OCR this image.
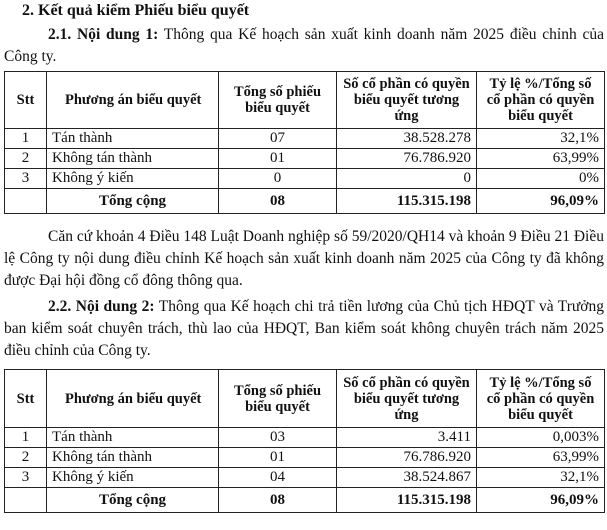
2. Kết quả kiểm Phiếu biểu quyết
2.1. Nội dung 1: Thông qua Kế hoạch sản xuất kinh doanh năm 2025 điều chỉnh của Công ty.
Stt	Phương án biểu quyết	Tổng số phiếu biểu quyết	Số cổ phần có quyền biểu quyết tương ứng	Tỷ lệ %/Tổng số cổ phần có quyền biểu quyết
1	Tán thành	07	38.528.278	32,1%
2	Không tán thành	01	76.786.920	63,99%
3	Không ý kiến	0	0	0%
	Tổng cộng	08	115.315.198	96,09%
Căn cứ khoản 4 Điều 148 Luật Doanh nghiệp số 59/2020/QH14 và khoản 9 Điều 21 Điều lệ Công ty nội dung điều chỉnh Kế hoạch sản xuất kinh doanh năm 2025 của Công ty đã không được Đại hội đồng cổ đông thông qua.
2.2. Nội dung 2: Thông qua Kế hoạch chi trả tiền lương của Chủ tịch HĐQT và Trưởng ban kiểm soát chuyên trách, thù lao của HĐQT, Ban kiểm soát không chuyên trách năm 2025 điều chỉnh của Công ty.
Stt	Phương án biểu quyết	Tổng số phiếu biểu quyết	Số cổ phần có quyền biểu quyết tương ứng	Tỷ lệ %/Tổng số cổ phần có quyền biểu quyết
1	Tán thành	03	3.411	0,003%
2	Không tán thành	01	76.786.920	63,99%
3	Không ý kiến	04	38.524.867	32,1%
	Tổng cộng	08	115.315.198	96,09%
